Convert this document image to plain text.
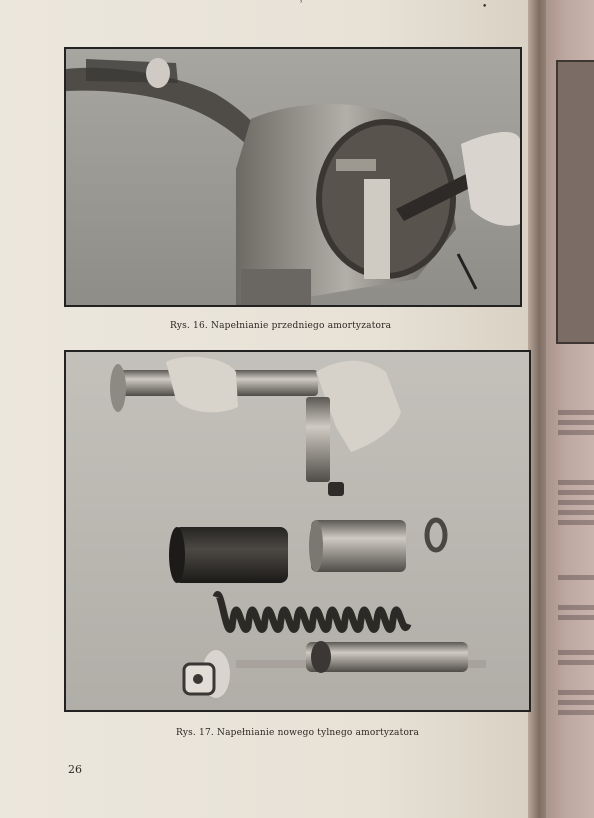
ʾ	•
Rys. 16. Napełnianie przedniego amortyzatora
Rys. 17. Napełnianie nowego tylnego amortyzatora
26
